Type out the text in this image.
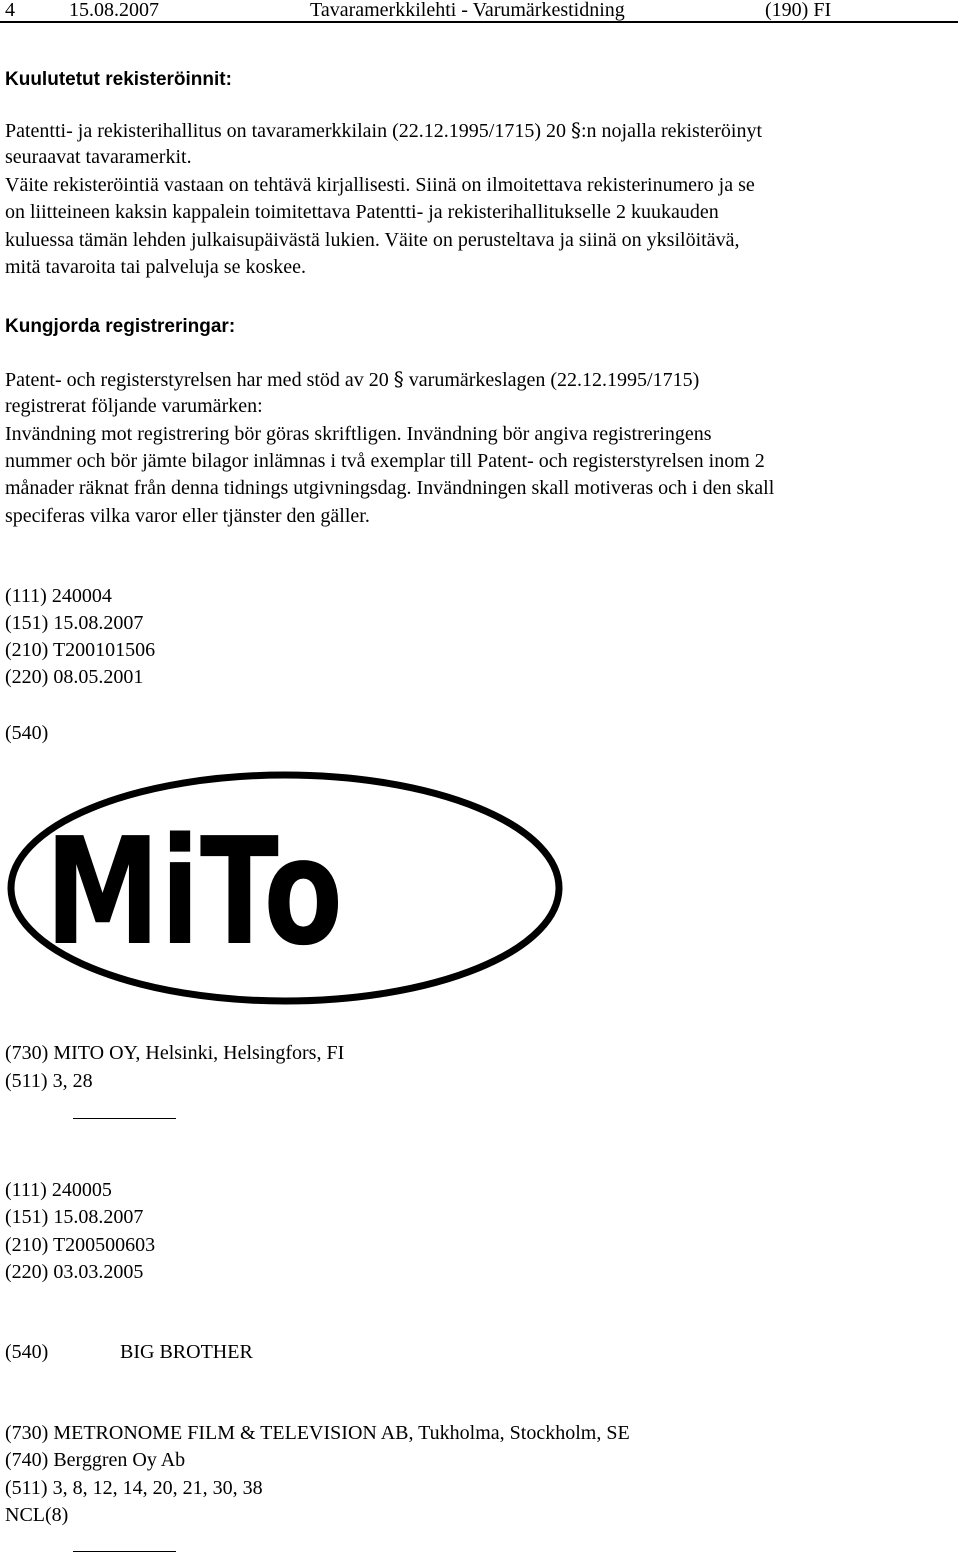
4	15.08.2007	Tavaramerkkilehti - Varumärkestidning	(190) FI
Kuulutetut rekisteröinnit:
Patentti- ja rekisterihallitus on tavaramerkkilain (22.12.1995/1715) 20 §:n nojalla rekisteröinyt
seuraavat tavaramerkit.
Väite rekisteröintiä vastaan on tehtävä kirjallisesti. Siinä on ilmoitettava rekisterinumero ja se
on liitteineen kaksin kappalein toimitettava Patentti- ja rekisterihallitukselle 2 kuukauden
kuluessa tämän lehden julkaisupäivästä lukien. Väite on perusteltava ja siinä on yksilöitävä,
mitä tavaroita tai palveluja se koskee.
Kungjorda registreringar:
Patent- och registerstyrelsen har med stöd av 20 § varumärkeslagen (22.12.1995/1715)
registrerat följande varumärken:
Invändning mot registrering bör göras skriftligen. Invändning bör angiva registreringens
nummer och bör jämte bilagor inlämnas i två exemplar till Patent- och registerstyrelsen inom 2
månader räknat från denna tidnings utgivningsdag. Invändningen skall motiveras och i den skall
speciferas vilka varor eller tjänster den gäller.
(111) 240004
(151) 15.08.2007
(210) T200101506
(220) 08.05.2001
(540)
MiTo
(730) MITO OY, Helsinki, Helsingfors, FI
(511) 3, 28
(111) 240005
(151) 15.08.2007
(210) T200500603
(220) 03.03.2005
(540)	BIG BROTHER
(730) METRONOME FILM & TELEVISION AB, Tukholma, Stockholm, SE
(740) Berggren Oy Ab
(511) 3, 8, 12, 14, 20, 21, 30, 38
NCL(8)
